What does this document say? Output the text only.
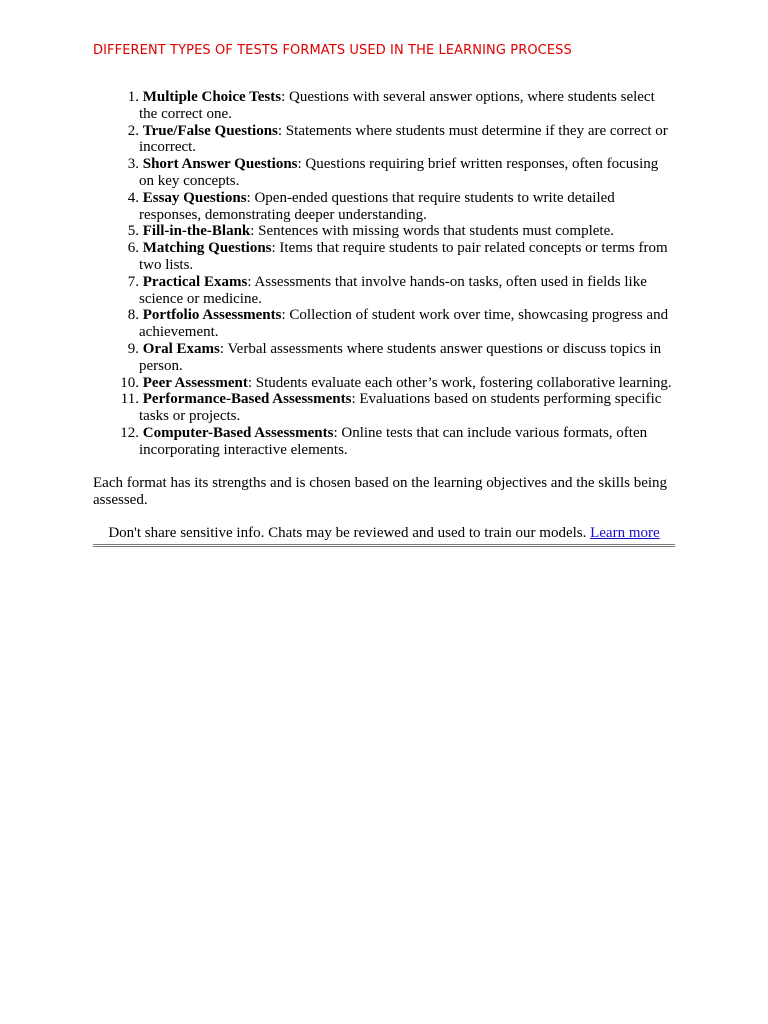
DIFFERENT TYPES OF TESTS FORMATS USED IN THE LEARNING PROCESS

1. Multiple Choice Tests: Questions with several answer options, where students select the correct one.
2. True/False Questions: Statements where students must determine if they are correct or incorrect.
3. Short Answer Questions: Questions requiring brief written responses, often focusing on key concepts.
4. Essay Questions: Open-ended questions that require students to write detailed responses, demonstrating deeper understanding.
5. Fill-in-the-Blank: Sentences with missing words that students must complete.
6. Matching Questions: Items that require students to pair related concepts or terms from two lists.
7. Practical Exams: Assessments that involve hands-on tasks, often used in fields like science or medicine.
8. Portfolio Assessments: Collection of student work over time, showcasing progress and achievement.
9. Oral Exams: Verbal assessments where students answer questions or discuss topics in person.
10. Peer Assessment: Students evaluate each other’s work, fostering collaborative learning.
11. Performance-Based Assessments: Evaluations based on students performing specific tasks or projects.
12. Computer-Based Assessments: Online tests that can include various formats, often incorporating interactive elements.

Each format has its strengths and is chosen based on the learning objectives and the skills being assessed.

Don't share sensitive info. Chats may be reviewed and used to train our models. Learn more
